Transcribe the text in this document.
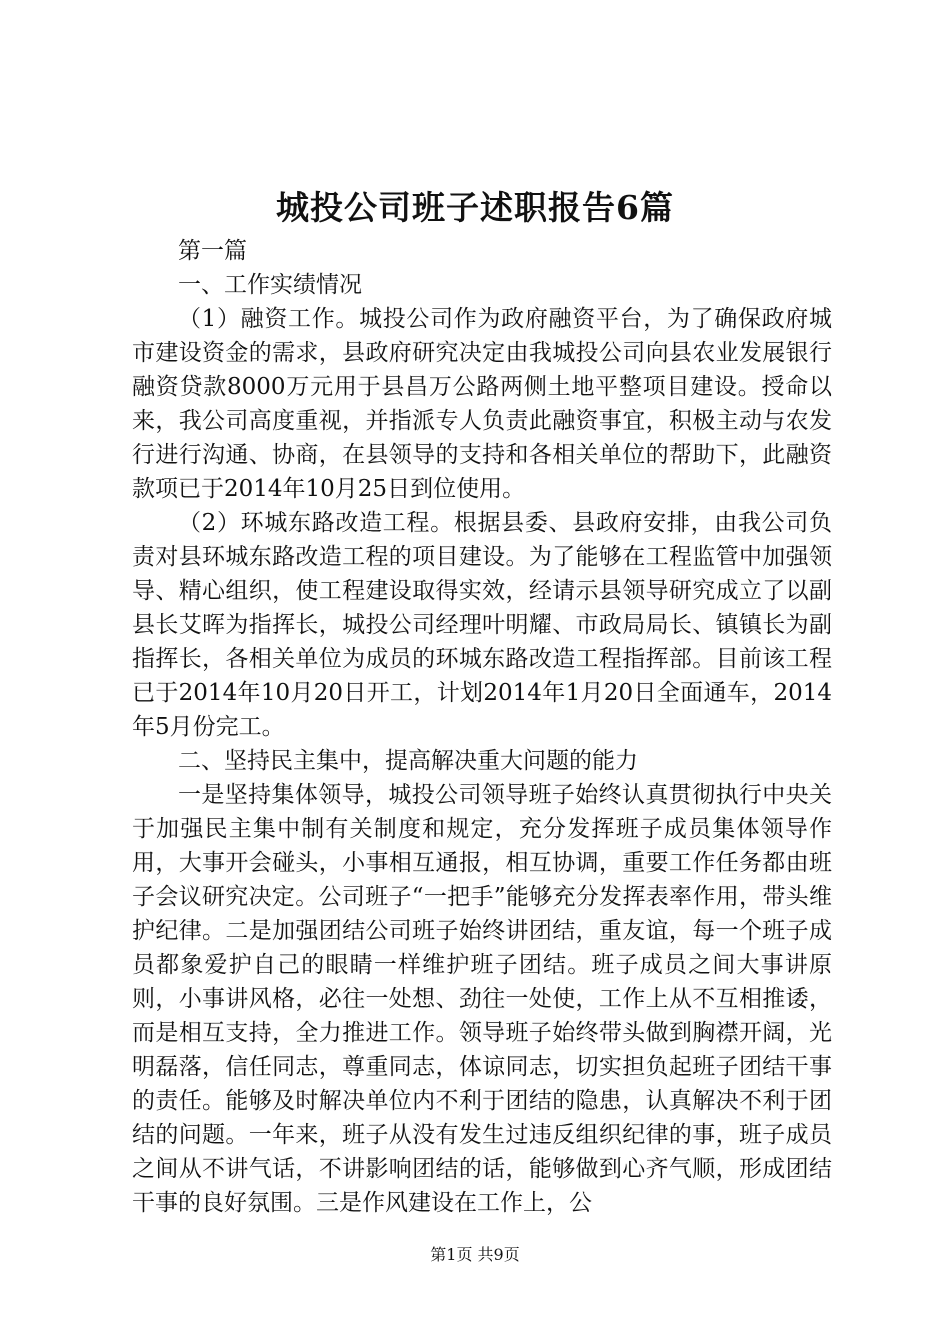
城投公司班子述职报告6篇

第一篇

一、工作实绩情况

（1）融资工作。城投公司作为政府融资平台，为了确保政府城市建设资金的需求，县政府研究决定由我城投公司向县农业发展银行融资贷款8000万元用于县昌万公路两侧土地平整项目建设。授命以来，我公司高度重视，并指派专人负责此融资事宜，积极主动与农发行进行沟通、协商，在县领导的支持和各相关单位的帮助下，此融资款项已于2014年10月25日到位使用。

（2）环城东路改造工程。根据县委、县政府安排，由我公司负责对县环城东路改造工程的项目建设。为了能够在工程监管中加强领导、精心组织，使工程建设取得实效，经请示县领导研究成立了以副县长艾晖为指挥长，城投公司经理叶明耀、市政局局长、镇镇长为副指挥长，各相关单位为成员的环城东路改造工程指挥部。目前该工程已于2014年10月20日开工，计划2014年1月20日全面通车，2014年5月份完工。

二、坚持民主集中，提高解决重大问题的能力

一是坚持集体领导，城投公司领导班子始终认真贯彻执行中央关于加强民主集中制有关制度和规定，充分发挥班子成员集体领导作用，大事开会碰头，小事相互通报，相互协调，重要工作任务都由班子会议研究决定。公司班子“一把手”能够充分发挥表率作用，带头维护纪律。二是加强团结公司班子始终讲团结，重友谊，每一个班子成员都象爱护自己的眼睛一样维护班子团结。班子成员之间大事讲原则，小事讲风格，必往一处想、劲往一处使，工作上从不互相推诿，而是相互支持，全力推进工作。领导班子始终带头做到胸襟开阔，光明磊落，信任同志，尊重同志，体谅同志，切实担负起班子团结干事的责任。能够及时解决单位内不利于团结的隐患，认真解决不利于团结的问题。一年来，班子从没有发生过违反组织纪律的事，班子成员之间从不讲气话，不讲影响团结的话，能够做到心齐气顺，形成团结干事的良好氛围。三是作风建设在工作上，公

第1页 共9页
